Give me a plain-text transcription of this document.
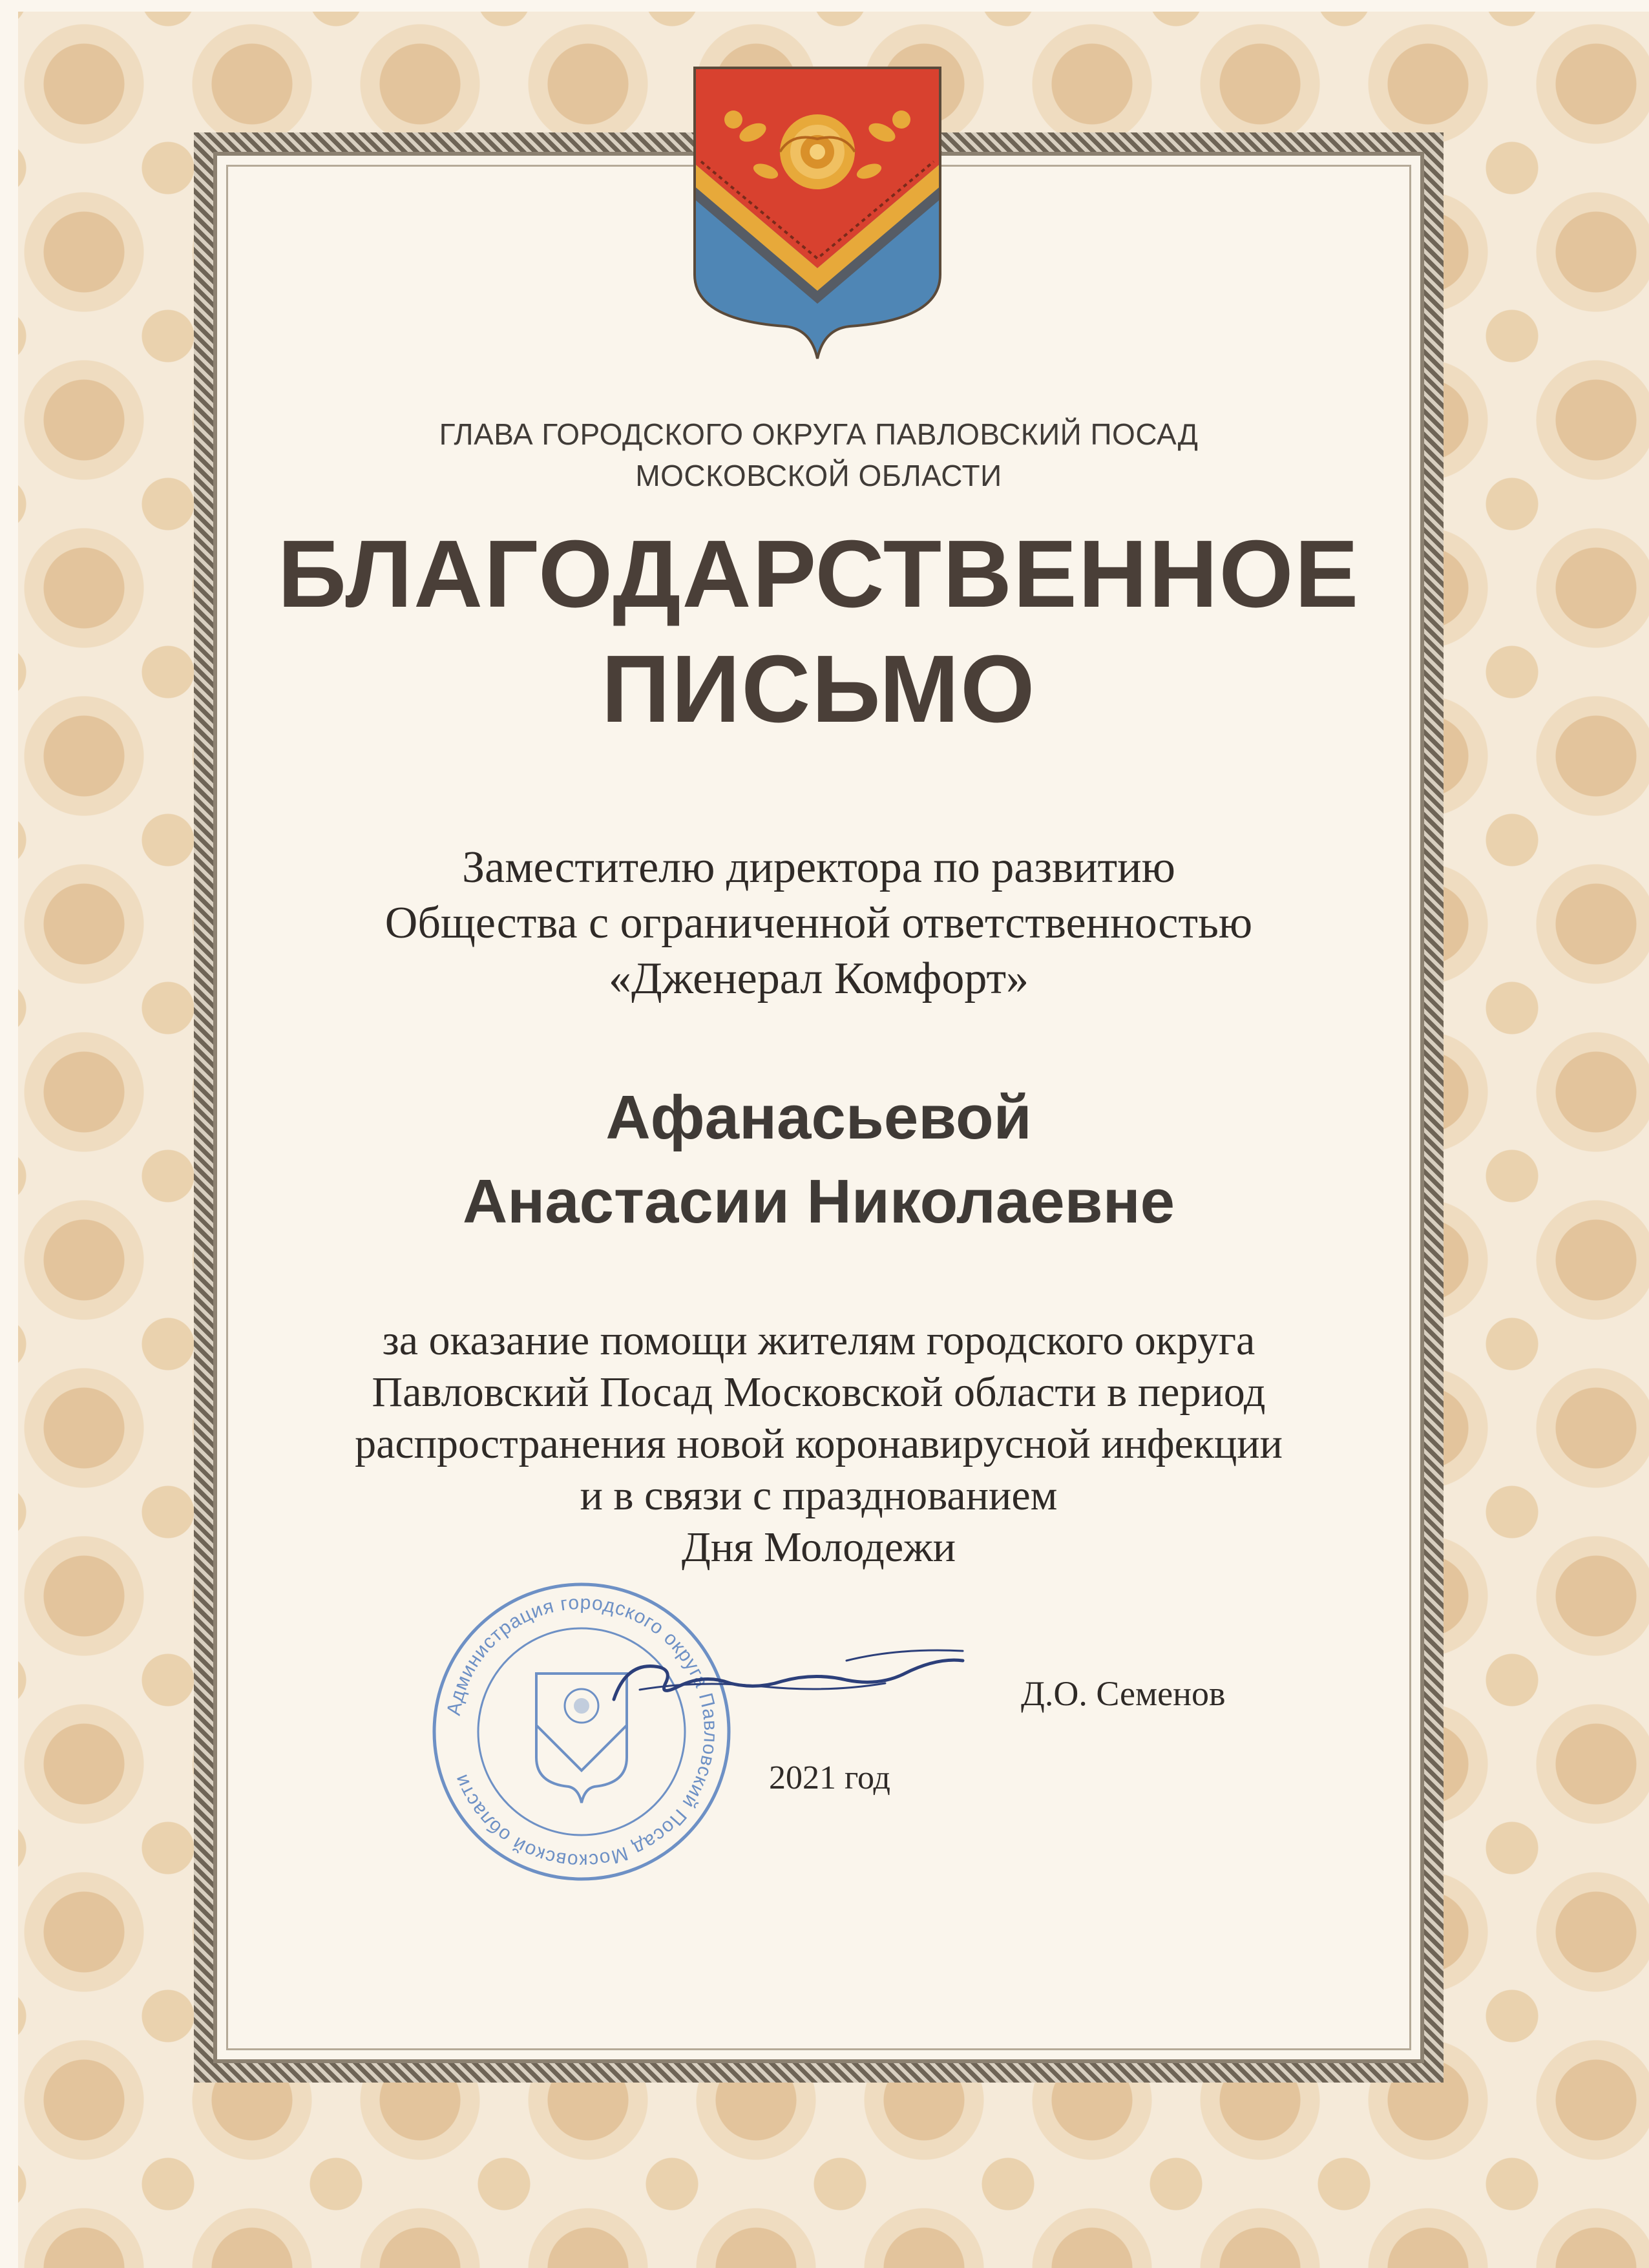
ГЛАВА ГОРОДСКОГО ОКРУГА ПАВЛОВСКИЙ ПОСАД
МОСКОВСКОЙ ОБЛАСТИ
БЛАГОДАРСТВЕННОЕ
ПИСЬМО
Заместителю директора по развитию
Общества с ограниченной ответственностью
«Дженерал Комфорт»
Афанасьевой
Анастасии Николаевне
за оказание помощи жителям городского округа
Павловский Посад Московской области в период
распространения новой коронавирусной инфекции
и в связи с празднованием
Дня Молодежи
Администрация городского округа Павловский Посад Московской области
Д.О. Семенов
2021 год
